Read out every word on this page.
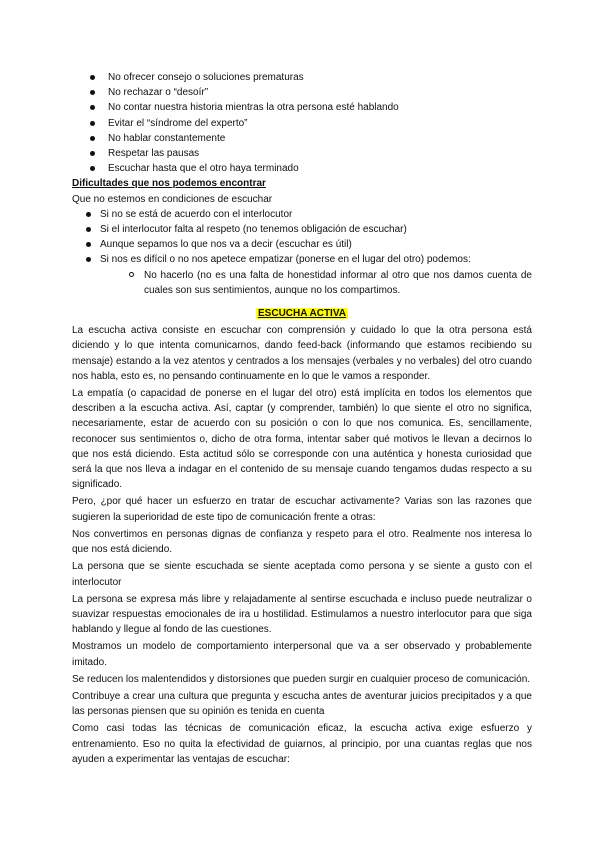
No ofrecer consejo o soluciones prematuras
No rechazar o “desoír”
No contar nuestra historia mientras la otra persona esté hablando
Evitar el “síndrome del experto”
No hablar constantemente
Respetar las pausas
Escuchar hasta que el otro haya terminado
Dificultades que nos podemos encontrar
Que no estemos en condiciones de escuchar
Si no se está de acuerdo con el interlocutor
Si el interlocutor falta al respeto (no tenemos obligación de escuchar)
Aunque sepamos lo que nos va a decir (escuchar es útil)
Si nos es difícil o no nos apetece empatizar (ponerse en el lugar del otro) podemos:
No hacerlo (no es una falta de honestidad informar al otro que nos damos cuenta de cuales son sus sentimientos, aunque no los compartimos.
ESCUCHA ACTIVA

La escucha activa consiste en escuchar con comprensión y cuidado lo que la otra persona está diciendo y lo que intenta comunicarnos, dando feed-back (informando que estamos recibiendo su mensaje) estando a la vez atentos y centrados a los mensajes (verbales y no verbales) del otro cuando nos habla, esto es, no pensando continuamente en lo que le vamos a responder.

La empatía (o capacidad de ponerse en el lugar del otro) está implícita en todos los elementos que describen a la escucha activa. Así, captar (y comprender, también) lo que siente el otro no significa, necesariamente, estar de acuerdo con su posición o con lo que nos comunica. Es, sencillamente, reconocer sus sentimientos o, dicho de otra forma, intentar saber qué motivos le llevan a decirnos lo que nos está diciendo. Esta actitud sólo se corresponde con una auténtica y honesta curiosidad que será la que nos lleva a indagar en el contenido de su mensaje cuando tengamos dudas respecto a su significado.

Pero, ¿por qué hacer un esfuerzo en tratar de escuchar activamente? Varias son las razones que sugieren la superioridad de este tipo de comunicación frente a otras:

Nos convertimos en personas dignas de confianza y respeto para el otro. Realmente nos interesa lo que nos está diciendo.

La persona que se siente escuchada se siente aceptada como persona y se siente a gusto con el interlocutor

La persona se expresa más libre y relajadamente al sentirse escuchada e incluso puede neutralizar o suavizar respuestas emocionales de ira u hostilidad. Estimulamos a nuestro interlocutor para que siga hablando y llegue al fondo de las cuestiones.

Mostramos un modelo de comportamiento interpersonal que va a ser observado y probablemente imitado.

Se reducen los malentendidos y distorsiones que pueden surgir en cualquier proceso de comunicación.

Contribuye a crear una cultura que pregunta y escucha antes de aventurar juicios precipitados y a que las personas piensen que su opinión es tenida en cuenta

Como casi todas las técnicas de comunicación eficaz, la escucha activa exige esfuerzo y entrenamiento. Eso no quita la efectividad de guiarnos, al principio, por una cuantas reglas que nos ayuden a experimentar las ventajas de escuchar:
